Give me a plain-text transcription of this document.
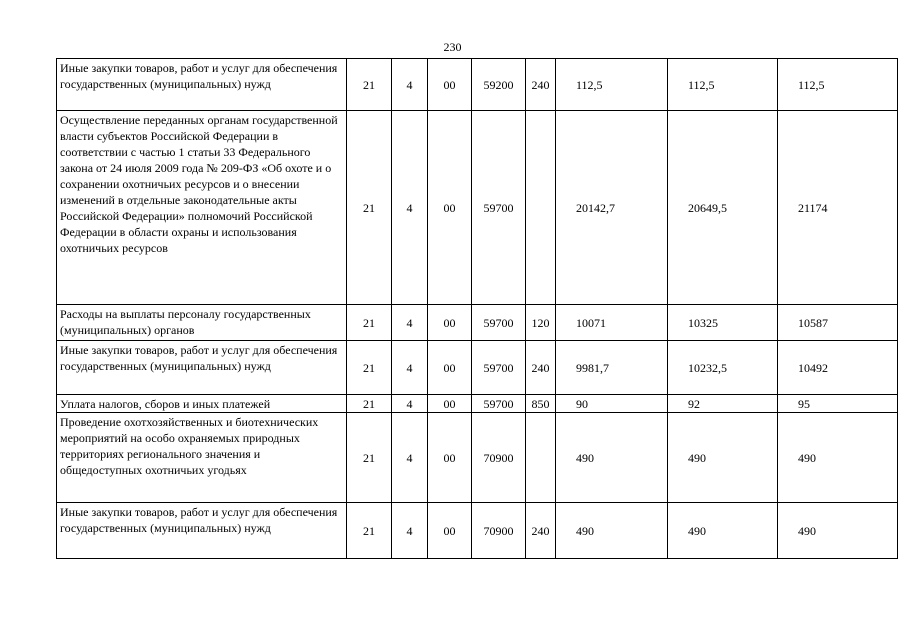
230
Иные закупки товаров, работ и услуг для обеспечения государственных (муниципальных) нужд	21	4	00	59200	240	112,5	112,5	112,5
Осуществление переданных органам государственной власти субъектов Российской Федерации в соответствии с частью 1 статьи 33 Федерального закона от 24 июля 2009 года № 209-ФЗ «Об охоте и о сохранении охотничьих ресурсов и о внесении изменений в отдельные законодательные акты Российской Федерации» полномочий Российской Федерации в области охраны и использования охотничьих ресурсов	21	4	00	59700		20142,7	20649,5	21174
Расходы на выплаты персоналу государственных (муниципальных) органов	21	4	00	59700	120	10071	10325	10587
Иные закупки товаров, работ и услуг для обеспечения государственных (муниципальных) нужд	21	4	00	59700	240	9981,7	10232,5	10492
Уплата налогов, сборов и иных платежей	21	4	00	59700	850	90	92	95
Проведение охотхозяйственных и биотехнических мероприятий на особо охраняемых природных территориях регионального значения и общедоступных охотничьих угодьях	21	4	00	70900		490	490	490
Иные закупки товаров, работ и услуг для обеспечения государственных (муниципальных) нужд	21	4	00	70900	240	490	490	490
